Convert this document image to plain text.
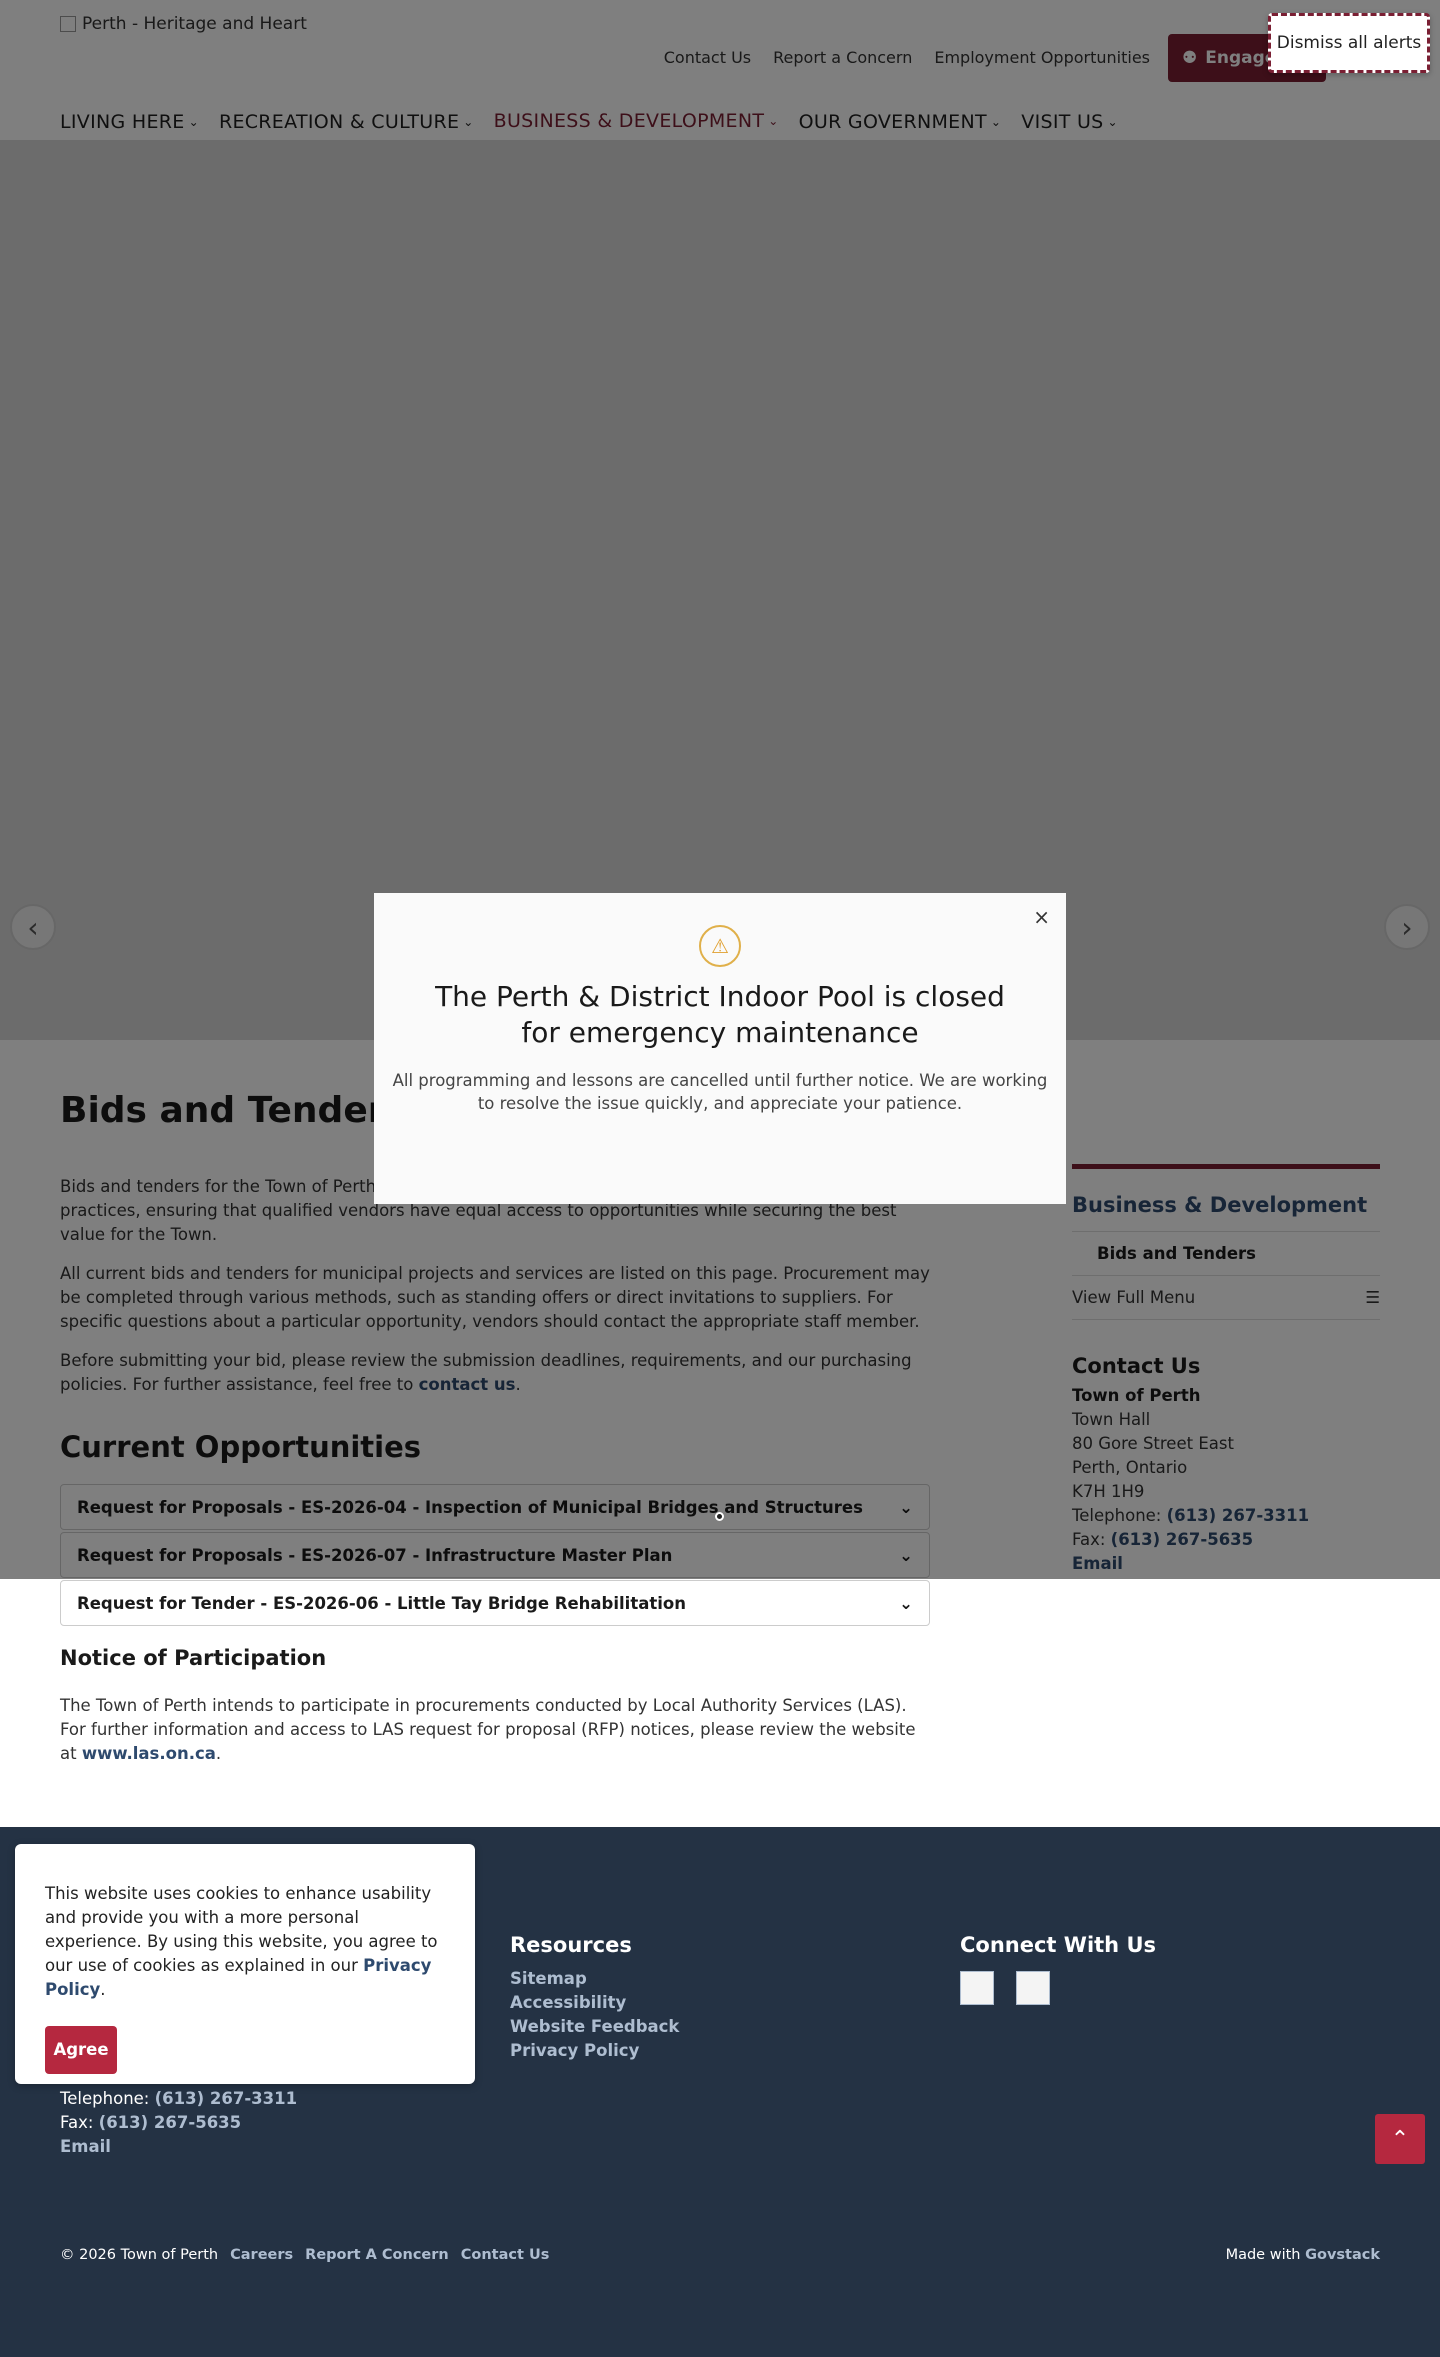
Request for Tender - ES-2026-06 - Little Tay Bridge Rehabilitation	⌄
Notice of Participation

The Town of Perth intends to participate in procurements conducted by Local Authority Services (LAS). For further information and access to LAS request for proposal (RFP) notices, please review the website at www.las.on.ca.

Dismiss all alerts
×
⚠
The Perth & District Indoor Pool is closed for emergency maintenance
All programming and lessons are cancelled until further notice. We are working to resolve the issue quickly, and appreciate your patience.
Resources
Sitemap
Accessibility
Website Feedback
Privacy Policy
Connect With Us
Telephone: (613) 267-3311
Fax: (613) 267-5635
Email	⌃
© 2026 Town of Perth Careers Report A Concern Contact Us	Made with Govstack

This website uses cookies to enhance usability and provide you with a more personal experience. By using this website, you agree to our use of cookies as explained in our Privacy Policy.

Agree
